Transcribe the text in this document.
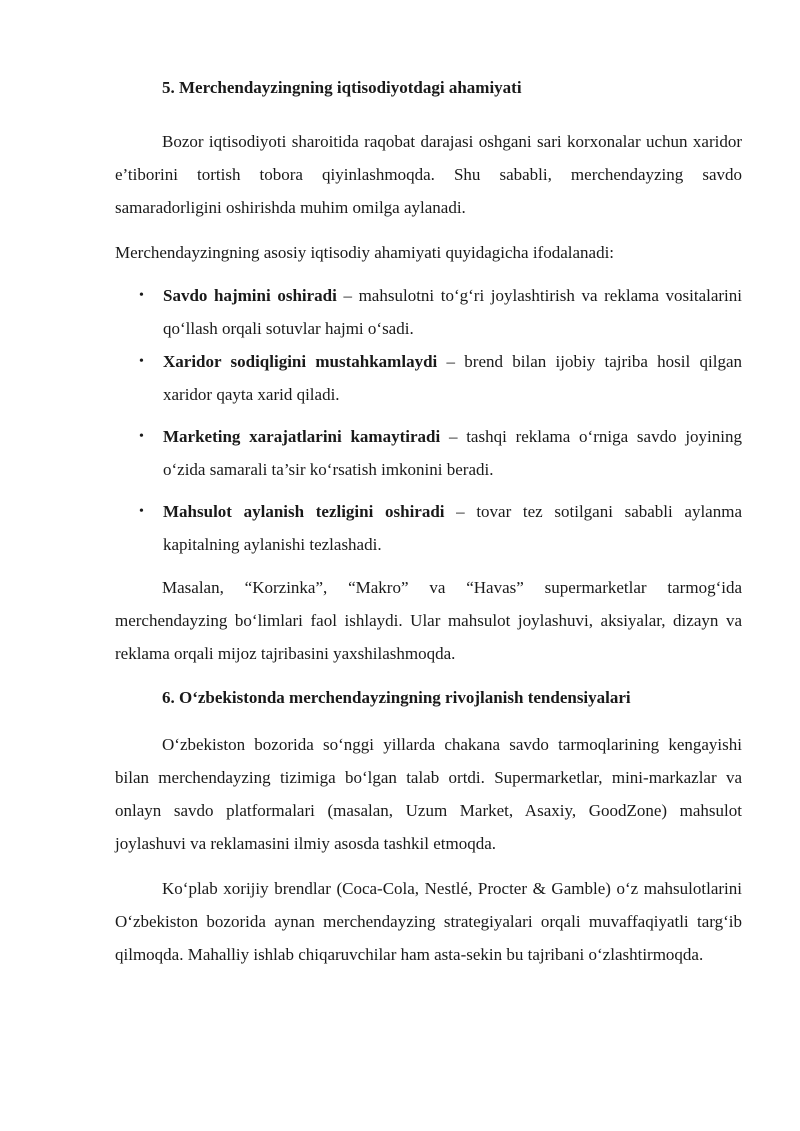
5. Merchendayzingning iqtisodiyotdagi ahamiyati

Bozor iqtisodiyoti sharoitida raqobat darajasi oshgani sari korxonalar uchun xaridor e’tiborini tortish tobora qiyinlashmoqda. Shu sababli, merchendayzing savdo samaradorligini oshirishda muhim omilga aylanadi.

Merchendayzingning asosiy iqtisodiy ahamiyati quyidagicha ifodalanadi:

• Savdo hajmini oshiradi – mahsulotni to‘g‘ri joylashtirish va reklama vositalarini qo‘llash orqali sotuvlar hajmi o‘sadi.
• Xaridor sodiqligini mustahkamlaydi – brend bilan ijobiy tajriba hosil qilgan xaridor qayta xarid qiladi.
• Marketing xarajatlarini kamaytiradi – tashqi reklama o‘rniga savdo joyining o‘zida samarali ta’sir ko‘rsatish imkonini beradi.
• Mahsulot aylanish tezligini oshiradi – tovar tez sotilgani sababli aylanma kapitalning aylanishi tezlashadi.

Masalan, “Korzinka”, “Makro” va “Havas” supermarketlar tarmog‘ida merchendayzing bo‘limlari faol ishlaydi. Ular mahsulot joylashuvi, aksiyalar, dizayn va reklama orqali mijoz tajribasini yaxshilashmoqda.

6. O‘zbekistonda merchendayzingning rivojlanish tendensiyalari

O‘zbekiston bozorida so‘nggi yillarda chakana savdo tarmoqlarining kengayishi bilan merchendayzing tizimiga bo‘lgan talab ortdi. Supermarketlar, mini-markazlar va onlayn savdo platformalari (masalan, Uzum Market, Asaxiy, GoodZone) mahsulot joylashuvi va reklamasini ilmiy asosda tashkil etmoqda.

Ko‘plab xorijiy brendlar (Coca-Cola, Nestlé, Procter & Gamble) o‘z mahsulotlarini O‘zbekiston bozorida aynan merchendayzing strategiyalari orqali muvaffaqiyatli targ‘ib qilmoqda. Mahalliy ishlab chiqaruvchilar ham asta-sekin bu tajribani o‘zlashtirmoqda.
